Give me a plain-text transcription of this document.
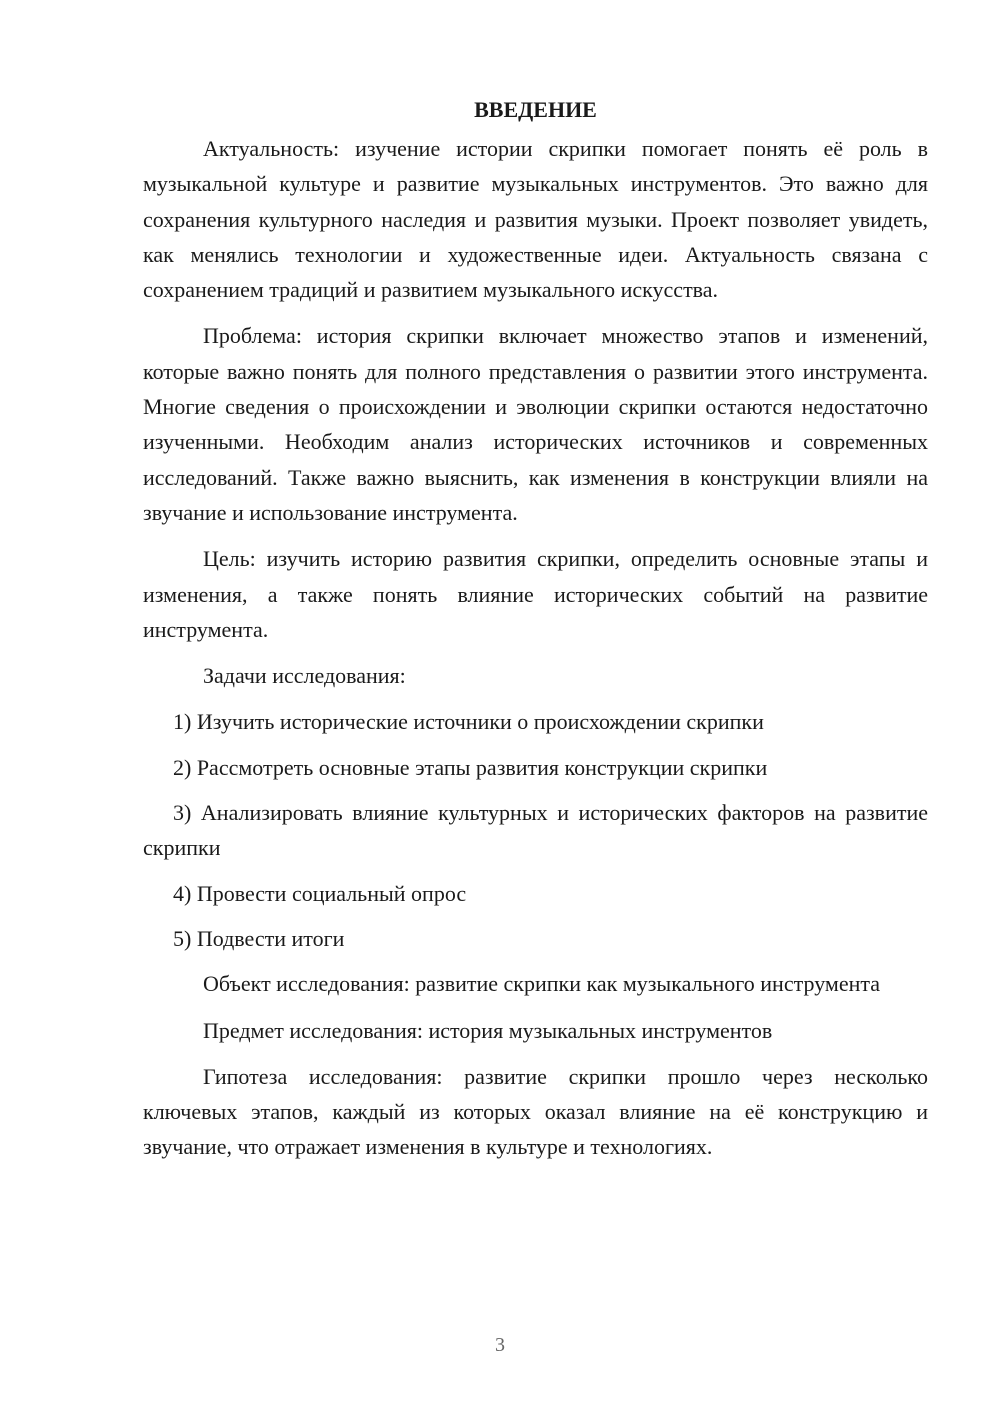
ВВЕДЕНИЕ

Актуальность: изучение истории скрипки помогает понять её роль в музыкальной культуре и развитие музыкальных инструментов. Это важно для сохранения культурного наследия и развития музыки. Проект позволяет увидеть, как менялись технологии и художественные идеи. Актуальность связана с сохранением традиций и развитием музыкального искусства.

Проблема: история скрипки включает множество этапов и изменений, которые важно понять для полного представления о развитии этого инструмента. Многие сведения о происхождении и эволюции скрипки остаются недостаточно изученными. Необходим анализ исторических источников и современных исследований. Также важно выяснить, как изменения в конструкции влияли на звучание и использование инструмента.

Цель: изучить историю развития скрипки, определить основные этапы и изменения, а также понять влияние исторических событий на развитие инструмента.

Задачи исследования:

1) Изучить исторические источники о происхождении скрипки

2) Рассмотреть основные этапы развития конструкции скрипки

3) Анализировать влияние культурных и исторических факторов на развитие скрипки

4) Провести социальный опрос

5) Подвести итоги

Объект исследования: развитие скрипки как музыкального инструмента

Предмет исследования: история музыкальных инструментов

Гипотеза исследования: развитие скрипки прошло через несколько ключевых этапов, каждый из которых оказал влияние на её конструкцию и звучание, что отражает изменения в культуре и технологиях.

3
